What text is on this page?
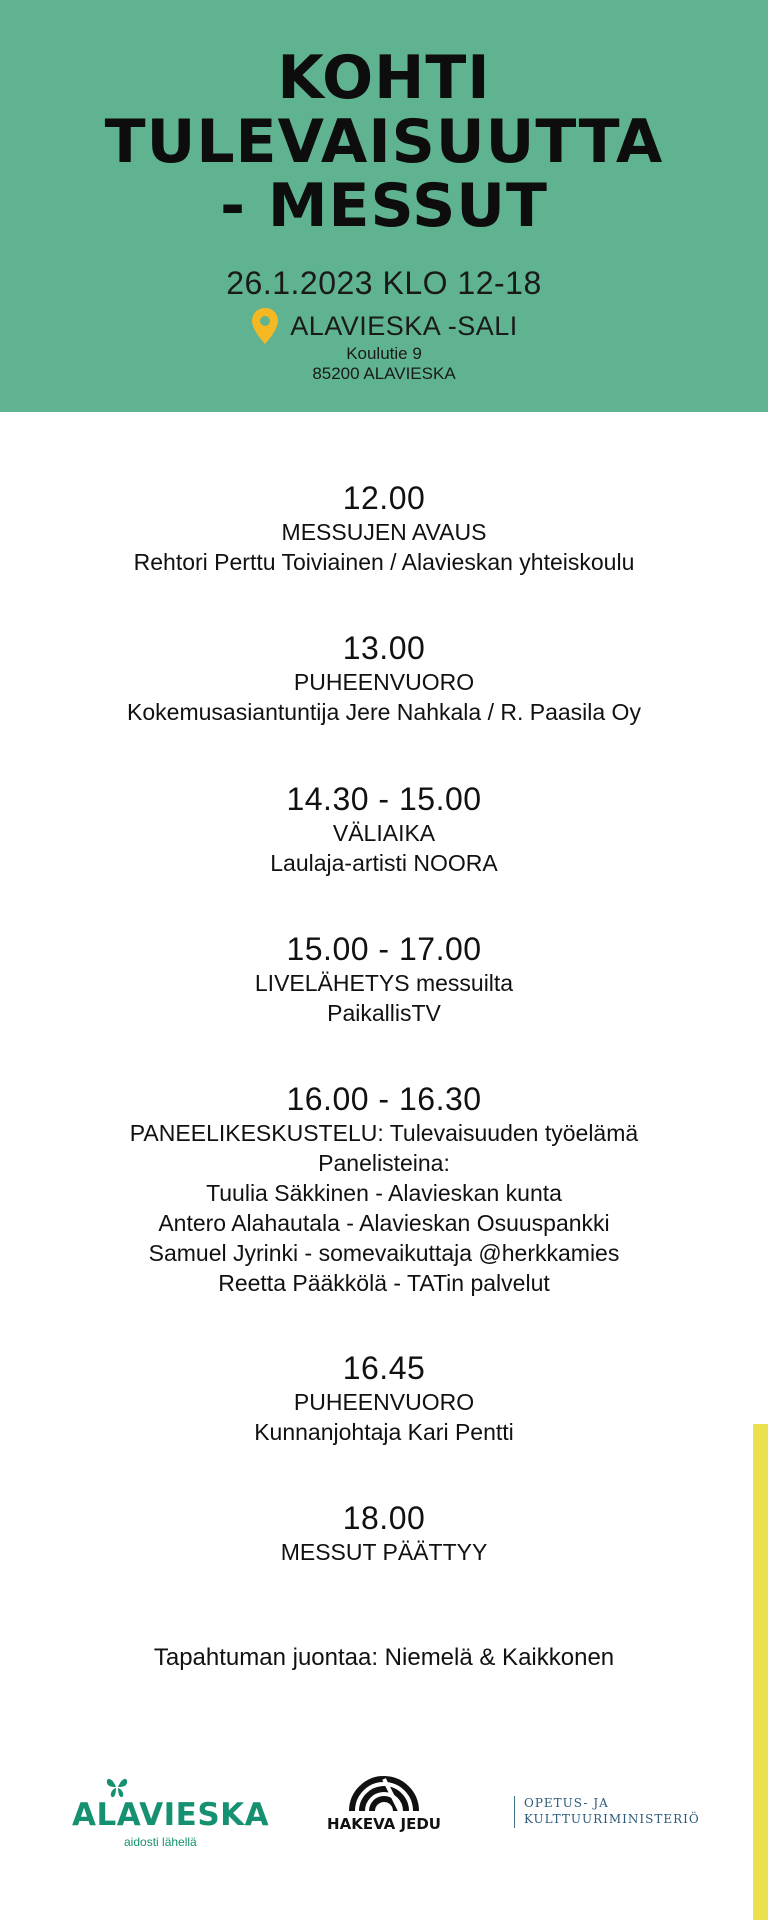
KOHTI
TULEVAISUUTTA
- MESSUT
26.1.2023 KLO 12-18
ALAVIESKA -SALI
Koulutie 9
85200 ALAVIESKA
12.00
MESSUJEN AVAUS
Rehtori Perttu Toiviainen / Alavieskan yhteiskoulu
13.00
PUHEENVUORO
Kokemusasiantuntija Jere Nahkala / R. Paasila Oy
14.30 - 15.00
VÄLIAIKA
Laulaja-artisti NOORA
15.00 - 17.00
LIVELÄHETYS messuilta
PaikallisTV
16.00 - 16.30
PANEELIKESKUSTELU: Tulevaisuuden työelämä
Panelisteina:
Tuulia Säkkinen - Alavieskan kunta
Antero Alahautala - Alavieskan Osuuspankki
Samuel Jyrinki - somevaikuttaja @herkkamies
Reetta Pääkkölä - TATin palvelut
16.45
PUHEENVUORO
Kunnanjohtaja Kari Pentti
18.00
MESSUT PÄÄTTYY
Tapahtuman juontaa: Niemelä & Kaikkonen
ALAVIESKA
aidosti lähellä
HAKEVA JEDU
OPETUS- JA
KULTTUURIMINISTERIÖ
